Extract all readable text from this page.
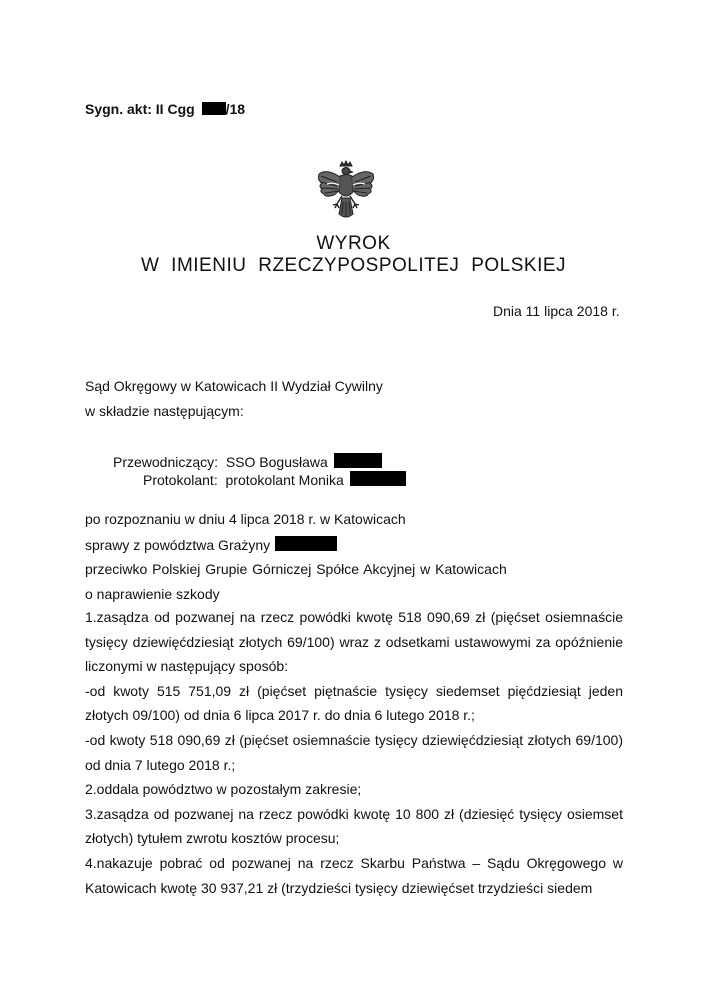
Sygn. akt: II Cgg /18
WYROK
W IMIENIU RZECZYPOSPOLITEJ POLSKIEJ
Dnia 11 lipca 2018 r.
Sąd Okręgowy w Katowicach II Wydział Cywilny
w składzie następującym:
Przewodniczący: SSO Bogusława
Protokolant: protokolant Monika
po rozpoznaniu w dniu 4 lipca 2018 r. w Katowicach
sprawy z powództwa Grażyny
przeciwko Polskiej Grupie Górniczej Spółce Akcyjnej w Katowicach
o naprawienie szkody

1.zasądza od pozwanej na rzecz powódki kwotę 518 090,69 zł (pięćset osiemnaście tysięcy dziewięćdziesiąt złotych 69/100) wraz z odsetkami ustawowymi za opóźnienie liczonymi w następujący sposób:

-od kwoty 515 751,09 zł (pięćset piętnaście tysięcy siedemset pięćdziesiąt jeden złotych 09/100) od dnia 6 lipca 2017 r. do dnia 6 lutego 2018 r.;

-od kwoty 518 090,69 zł (pięćset osiemnaście tysięcy dziewięćdziesiąt złotych 69/100) od dnia 7 lutego 2018 r.;

2.oddala powództwo w pozostałym zakresie;

3.zasądza od pozwanej na rzecz powódki kwotę 10 800 zł (dziesięć tysięcy osiemset złotych) tytułem zwrotu kosztów procesu;

4.nakazuje pobrać od pozwanej na rzecz Skarbu Państwa – Sądu Okręgowego w Katowicach kwotę 30 937,21 zł (trzydzieści tysięcy dziewięćset trzydzieści siedem
